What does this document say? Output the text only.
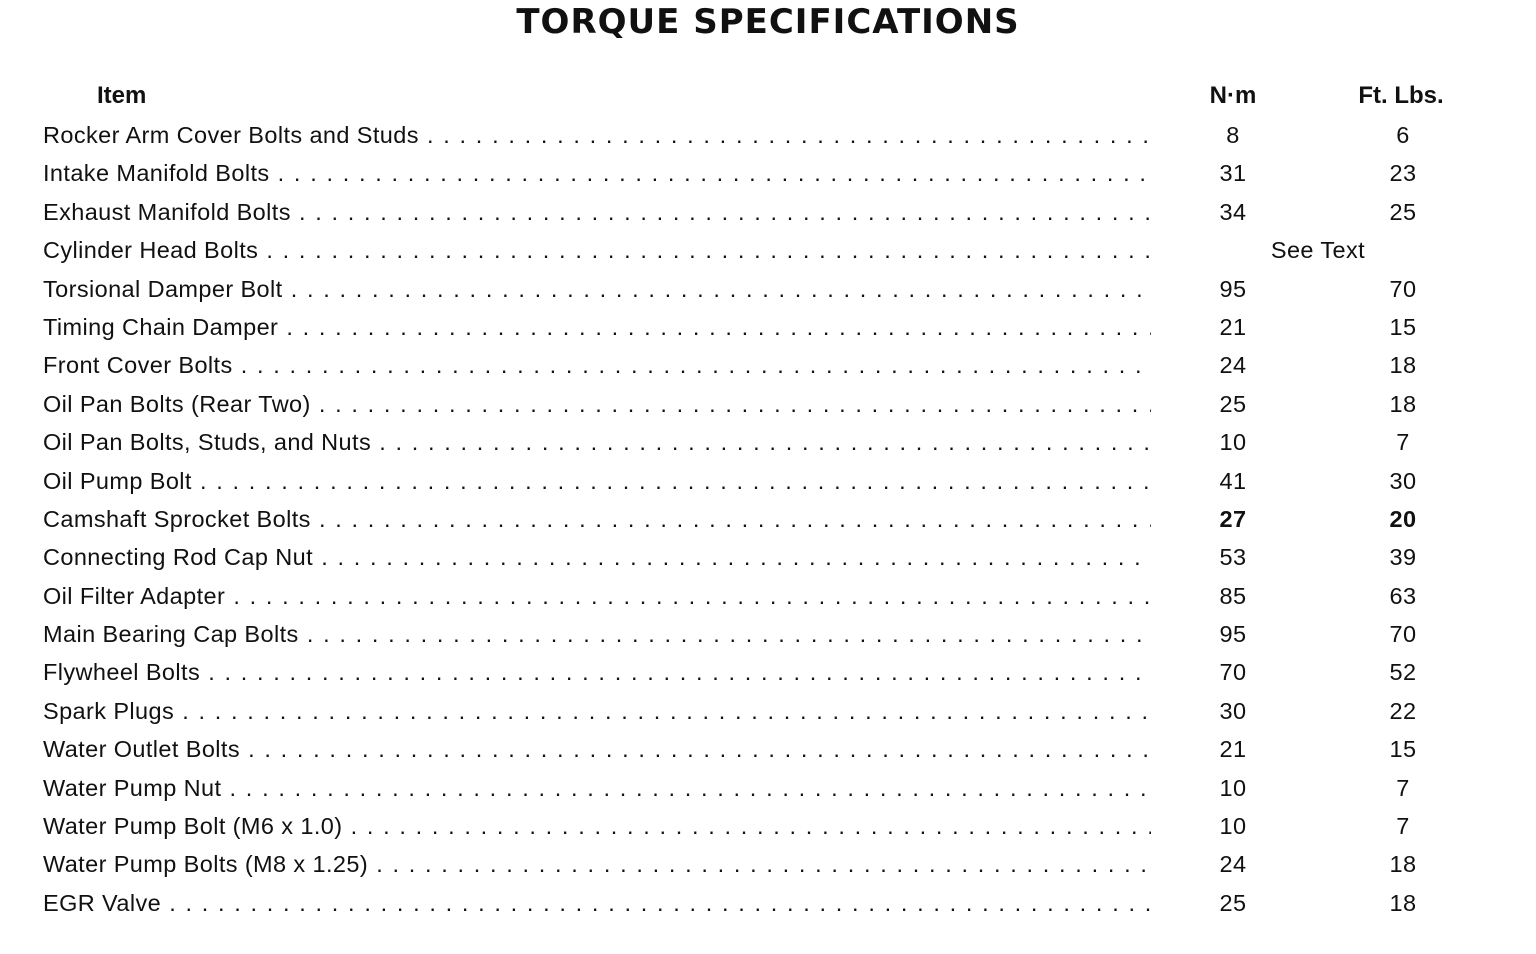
TORQUE SPECIFICATIONS
Item	N·m	Ft. Lbs.
Rocker Arm Cover Bolts and Studs . . .	8	6
Intake Manifold Bolts . . .	31	23
Exhaust Manifold Bolts . . .	34	25
Cylinder Head Bolts . . .	See Text
Torsional Damper Bolt . . .	95	70
Timing Chain Damper . . .	21	15
Front Cover Bolts . . .	24	18
Oil Pan Bolts (Rear Two) . . .	25	18
Oil Pan Bolts, Studs, and Nuts . . .	10	7
Oil Pump Bolt . . .	41	30
Camshaft Sprocket Bolts . . .	27	20
Connecting Rod Cap Nut . . .	53	39
Oil Filter Adapter . . .	85	63
Main Bearing Cap Bolts . . .	95	70
Flywheel Bolts . . .	70	52
Spark Plugs . . .	30	22
Water Outlet Bolts . . .	21	15
Water Pump Nut . . .	10	7
Water Pump Bolt (M6 x 1.0) . . .	10	7
Water Pump Bolts (M8 x 1.25) . . .	24	18
EGR Valve . . .	25	18
